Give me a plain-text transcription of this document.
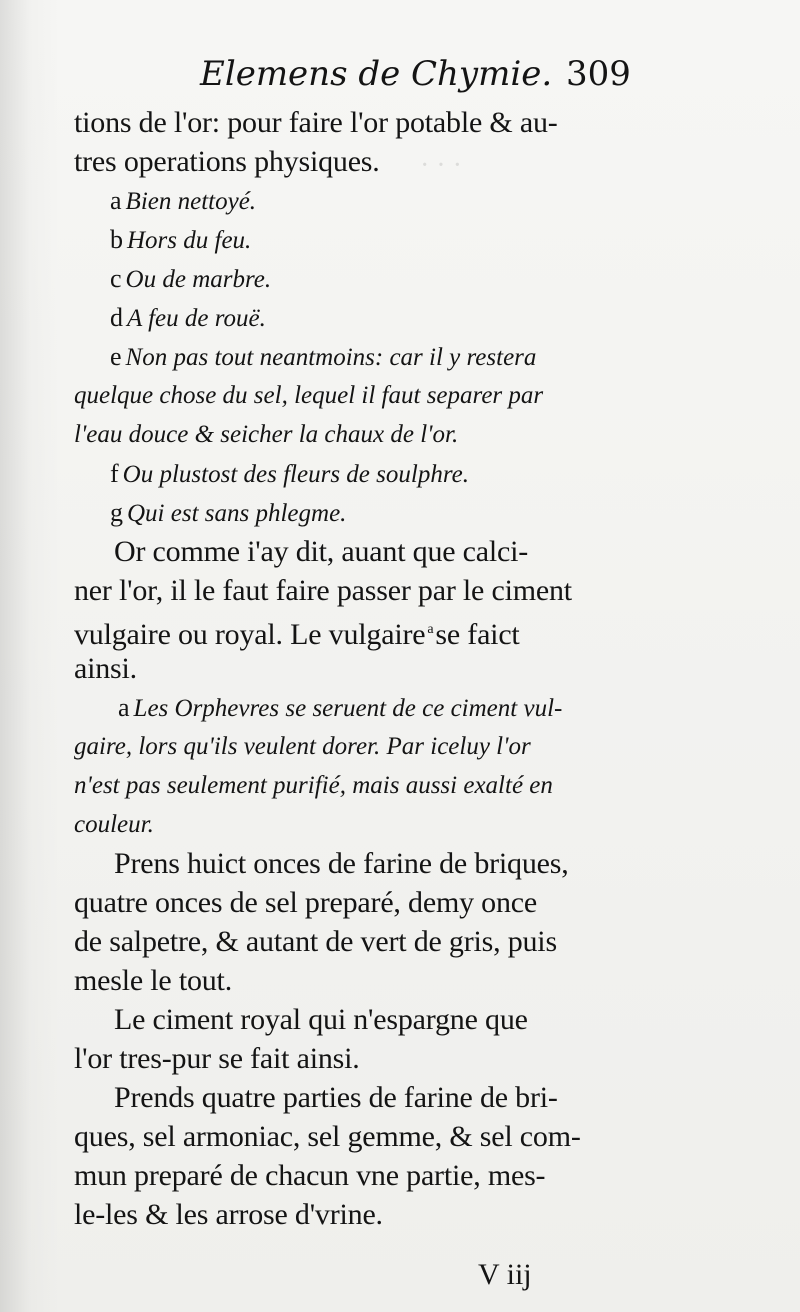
Elemens de Chymie. 309
tions de l'or: pour faire l'or potable & au-
tres operations physiques.
a Bien nettoyé.
b Hors du feu.
c Ou de marbre.
d A feu de rouë.
e Non pas tout neantmoins: car il y restera
quelque chose du sel, lequel il faut separer par
l'eau douce & seicher la chaux de l'or.
f Ou plustost des fleurs de soulphre.
g Qui est sans phlegme.
Or comme i'ay dit, auant que calci-
ner l'or, il le faut faire passer par le ciment
vulgaire ou royal. Le vulgaire $^a$se faict
ainsi.
a Les Orphevres se seruent de ce ciment vul-
gaire, lors qu'ils veulent dorer. Par iceluy l'or
n'est pas seulement purifié, mais aussi exalté en
couleur.
Prens huict onces de farine de briques,
quatre onces de sel preparé, demy once
de salpetre, & autant de vert de gris, puis
mesle le tout.
Le ciment royal qui n'espargne que
l'or tres-pur se fait ainsi.
Prends quatre parties de farine de bri-
ques, sel armoniac, sel gemme, & sel com-
mun preparé de chacun vne partie, mes-
le-les & les arrose d'vrine.
V iij
· · ·
